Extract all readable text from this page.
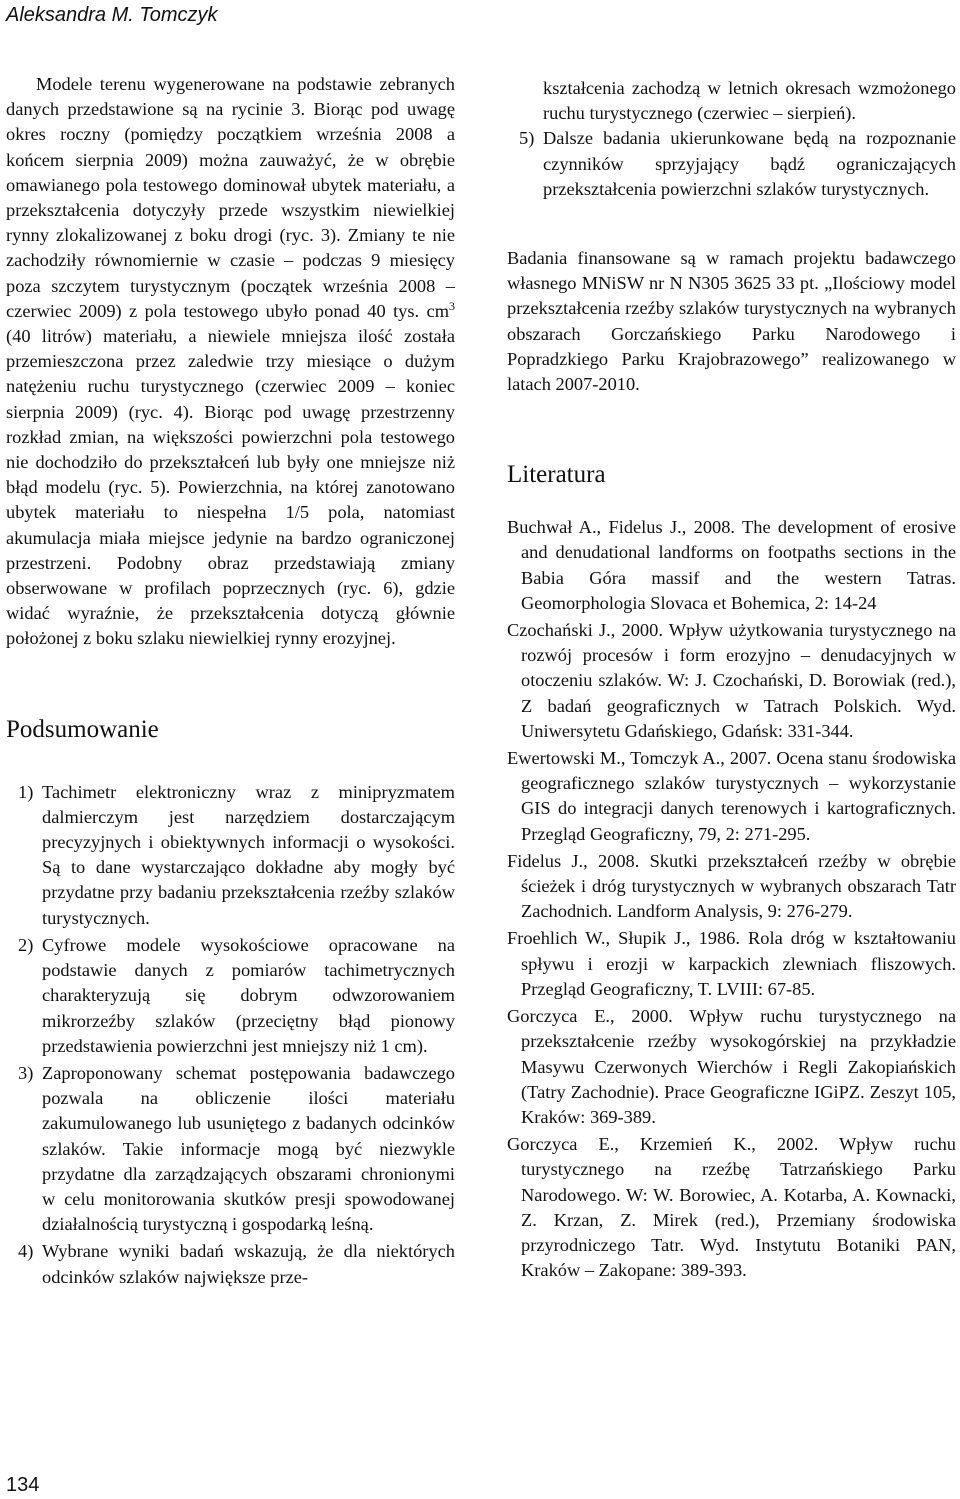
Aleksandra M. Tomczyk

Modele terenu wygenerowane na podstawie zebranych danych przedstawione są na rycinie 3. Biorąc pod uwagę okres roczny (pomiędzy początkiem września 2008 a końcem sierpnia 2009) można zauważyć, że w obrębie omawianego pola testowego dominował ubytek materiału, a przekształcenia dotyczyły przede wszystkim niewielkiej rynny zlokalizowanej z boku drogi (ryc. 3). Zmiany te nie zachodziły równomiernie w czasie – podczas 9 miesięcy poza szczytem turystycznym (początek września 2008 – czerwiec 2009) z pola testowego ubyło ponad 40 tys. $cm^3$ (40 litrów) materiału, a niewiele mniejsza ilość została przemieszczona przez zaledwie trzy miesiące o dużym natężeniu ruchu turystycznego (czerwiec 2009 – koniec sierpnia 2009) (ryc. 4). Biorąc pod uwagę przestrzenny rozkład zmian, na większości powierzchni pola testowego nie dochodziło do przekształceń lub były one mniejsze niż błąd modelu (ryc. 5). Powierzchnia, na której zanotowano ubytek materiału to niespełna 1/5 pola, natomiast akumulacja miała miejsce jedynie na bardzo ograniczonej przestrzeni. Podobny obraz przedstawiają zmiany obserwowane w profilach poprzecznych (ryc. 6), gdzie widać wyraźnie, że przekształcenia dotyczą głównie położonej z boku szlaku niewielkiej rynny erozyjnej.

Podsumowanie
1) Tachimetr elektroniczny wraz z minipryzmatem dalmierczym jest narzędziem dostarczającym precyzyjnych i obiektywnych informacji o wysokości. Są to dane wystarczająco dokładne aby mogły być przydatne przy badaniu przekształcenia rzeźby szlaków turystycznych.
2) Cyfrowe modele wysokościowe opracowane na podstawie danych z pomiarów tachimetrycznych charakteryzują się dobrym odwzorowaniem mikrorzeźby szlaków (przeciętny błąd pionowy przedstawienia powierzchni jest mniejszy niż 1 cm).
3) Zaproponowany schemat postępowania badawczego pozwala na obliczenie ilości materiału zakumulowanego lub usuniętego z badanych odcinków szlaków. Takie informacje mogą być niezwykle przydatne dla zarządzających obszarami chronionymi w celu monitorowania skutków presji spowodowanej działalnością turystyczną i gospodarką leśną.
4) Wybrane wyniki badań wskazują, że dla niektórych odcinków szlaków największe prze-

kształcenia zachodzą w letnich okresach wzmożonego ruchu turystycznego (czerwiec – sierpień).

5) Dalsze badania ukierunkowane będą na rozpoznanie czynników sprzyjający bądź ograniczających przekształcenia powierzchni szlaków turystycznych.

Badania finansowane są w ramach projektu badawczego własnego MNiSW nr N N305 3625 33 pt. „Ilościowy model przekształcenia rzeźby szlaków turystycznych na wybranych obszarach Gorczańskiego Parku Narodowego i Popradzkiego Parku Krajobrazowego” realizowanego w latach 2007-2010.

Literatura

Buchwał A., Fidelus J., 2008. The development of erosive and denudational landforms on footpaths sections in the Babia Góra massif and the western Tatras. Geomorphologia Slovaca et Bohemica, 2: 14-24

Czochański J., 2000. Wpływ użytkowania turystycznego na rozwój procesów i form erozyjno – denudacyjnych w otoczeniu szlaków. W: J. Czochański, D. Borowiak (red.), Z badań geograficznych w Tatrach Polskich. Wyd. Uniwersytetu Gdańskiego, Gdańsk: 331-344.

Ewertowski M., Tomczyk A., 2007. Ocena stanu środowiska geograficznego szlaków turystycznych – wykorzystanie GIS do integracji danych terenowych i kartograficznych. Przegląd Geograficzny, 79, 2: 271-295.

Fidelus J., 2008. Skutki przekształceń rzeźby w obrębie ścieżek i dróg turystycznych w wybranych obszarach Tatr Zachodnich. Landform Analysis, 9: 276-279.

Froehlich W., Słupik J., 1986. Rola dróg w kształtowaniu spływu i erozji w karpackich zlewniach fliszowych. Przegląd Geograficzny, T. LVIII: 67-85.

Gorczyca E., 2000. Wpływ ruchu turystycznego na przekształcenie rzeźby wysokogórskiej na przykładzie Masywu Czerwonych Wierchów i Regli Zakopiańskich (Tatry Zachodnie). Prace Geograficzne IGiPZ. Zeszyt 105, Kraków: 369-389.

Gorczyca E., Krzemień K., 2002. Wpływ ruchu turystycznego na rzeźbę Tatrzańskiego Parku Narodowego. W: W. Borowiec, A. Kotarba, A. Kownacki, Z. Krzan, Z. Mirek (red.), Przemiany środowiska przyrodniczego Tatr. Wyd. Instytutu Botaniki PAN, Kraków – Zakopane: 389-393.

134
